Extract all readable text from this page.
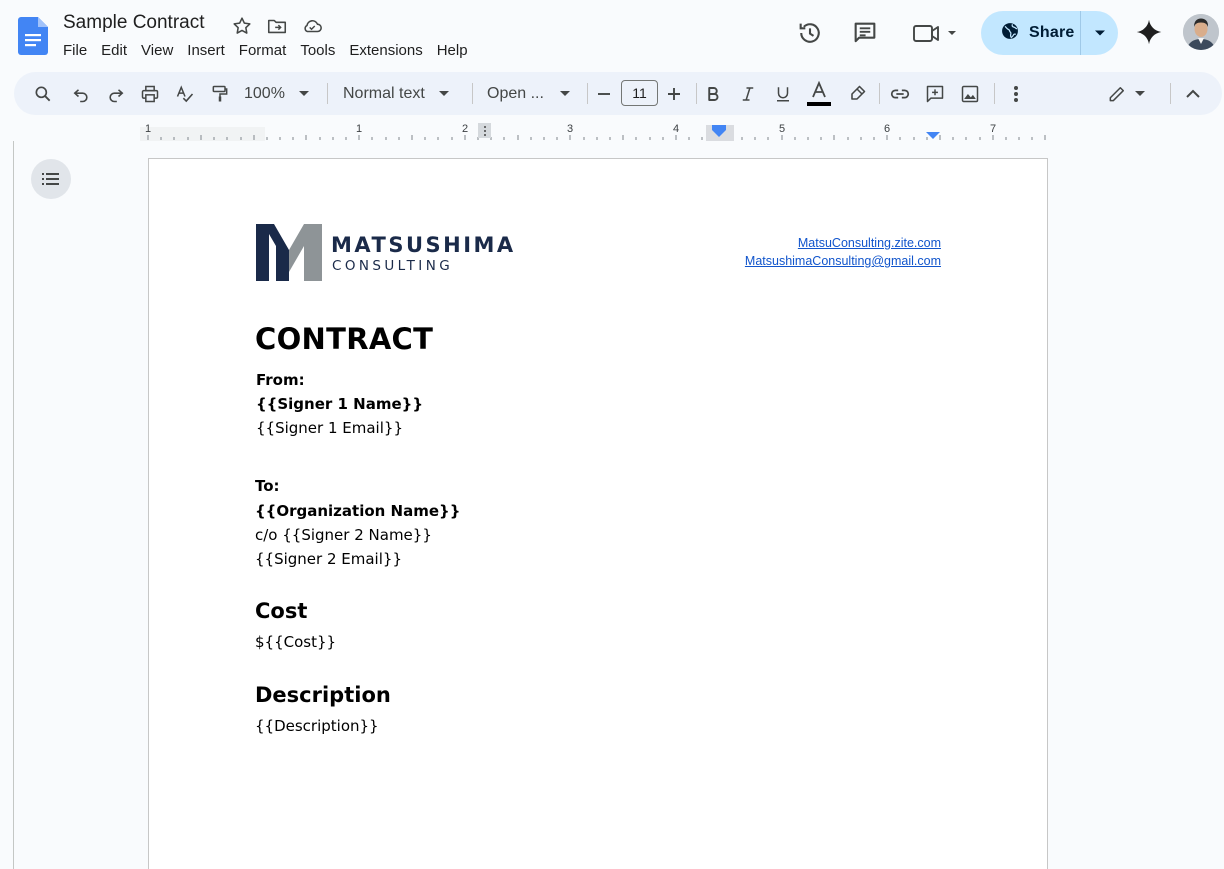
Sample Contract
File Edit View Insert Format Tools Extensions Help
Share
100%	Normal text	Open ...	11
1	1	2	3	4	5	6	7
MATSUSHIMA
CONSULTING
MatsuConsulting.zite.com
MatsushimaConsulting@gmail.com
CONTRACT
From:
{{Signer 1 Name}}
{{Signer 1 Email}}
To:
{{Organization Name}}
c/o {{Signer 2 Name}}
{{Signer 2 Email}}
Cost
${{Cost}}
Description
{{Description}}
